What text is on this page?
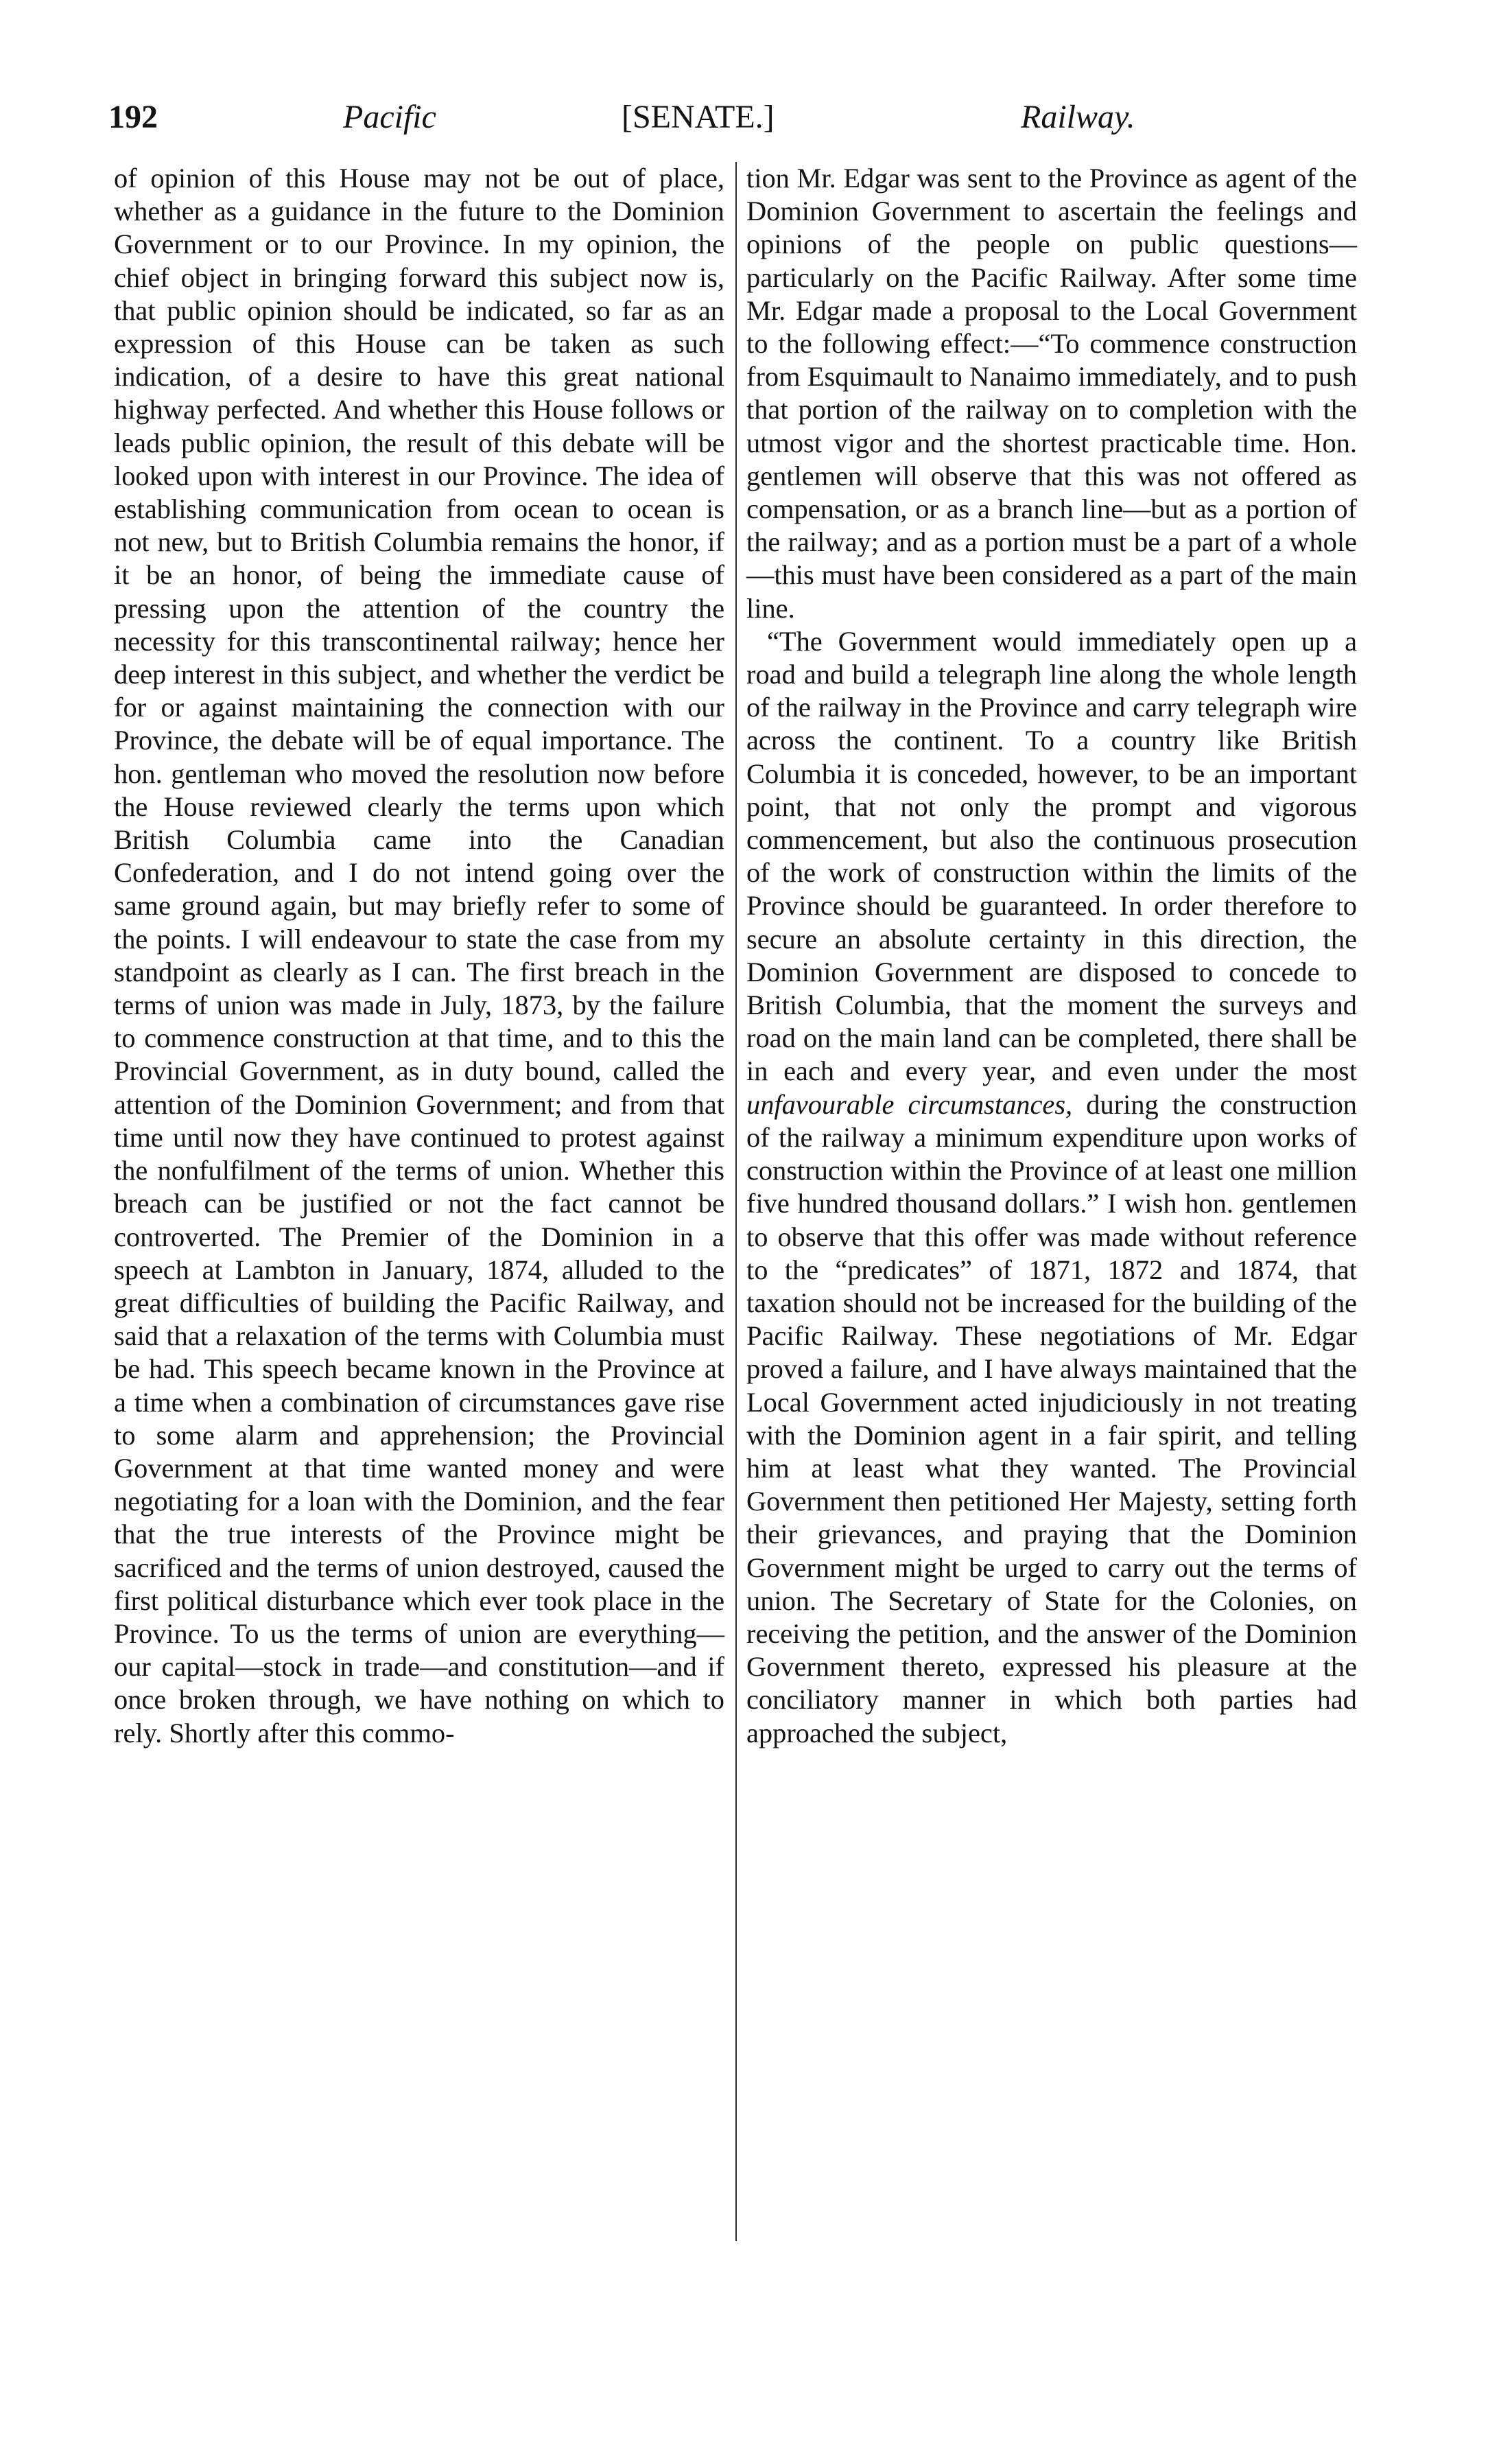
192	Pacific	[SENATE.]	Railway.

of opinion of this House may not be out of place, whether as a guidance in the future to the Dominion Government or to our Province. In my opinion, the chief object in bringing forward this subject now is, that public opinion should be indicated, so far as an expression of this House can be taken as such indication, of a desire to have this great national highway perfected. And whether this House follows or leads public opinion, the result of this debate will be looked upon with interest in our Province. The idea of establishing communication from ocean to ocean is not new, but to British Columbia remains the honor, if it be an honor, of being the immediate cause of pressing upon the attention of the country the necessity for this transcontinental railway; hence her deep interest in this subject, and whether the verdict be for or against maintaining the connection with our Province, the debate will be of equal importance. The hon. gentleman who moved the resolution now before the House reviewed clearly the terms upon which British Columbia came into the Canadian Confederation, and I do not intend going over the same ground again, but may briefly refer to some of the points. I will endeavour to state the case from my standpoint as clearly as I can. The first breach in the terms of union was made in July, 1873, by the failure to commence construction at that time, and to this the Provincial Government, as in duty bound, called the attention of the Dominion Government; and from that time until now they have continued to protest against the nonfulfilment of the terms of union. Whether this breach can be justified or not the fact cannot be controverted. The Premier of the Dominion in a speech at Lambton in January, 1874, alluded to the great difficulties of building the Pacific Railway, and said that a relaxation of the terms with Columbia must be had. This speech became known in the Province at a time when a combination of circumstances gave rise to some alarm and apprehension; the Provincial Government at that time wanted money and were negotiating for a loan with the Dominion, and the fear that the true interests of the Province might be sacrificed and the terms of union destroyed, caused the first political disturbance which ever took place in the Province. To us the terms of union are everything—our capital—stock in trade—and constitution—and if once broken through, we have nothing on which to rely. Shortly after this commo-

tion Mr. Edgar was sent to the Province as agent of the Dominion Government to ascertain the feelings and opinions of the people on public questions—particularly on the Pacific Railway. After some time Mr. Edgar made a proposal to the Local Government to the following effect:—“To commence construction from Esquimault to Nanaimo immediately, and to push that portion of the railway on to completion with the utmost vigor and the shortest practicable time. Hon. gentlemen will observe that this was not offered as compensation, or as a branch line—but as a portion of the railway; and as a portion must be a part of a whole—this must have been considered as a part of the main line.

“The Government would immediately open up a road and build a telegraph line along the whole length of the railway in the Province and carry telegraph wire across the continent. To a country like British Columbia it is conceded, however, to be an important point, that not only the prompt and vigorous commencement, but also the continuous prosecution of the work of construction within the limits of the Province should be guaranteed. In order therefore to secure an absolute certainty in this direction, the Dominion Government are disposed to concede to British Columbia, that the moment the surveys and road on the main land can be completed, there shall be in each and every year, and even under the most unfavourable circumstances, during the construction of the railway a minimum expenditure upon works of construction within the Province of at least one million five hundred thousand dollars.” I wish hon. gentlemen to observe that this offer was made without reference to the “predicates” of 1871, 1872 and 1874, that taxation should not be increased for the building of the Pacific Railway. These negotiations of Mr. Edgar proved a failure, and I have always maintained that the Local Government acted injudiciously in not treating with the Dominion agent in a fair spirit, and telling him at least what they wanted. The Provincial Government then petitioned Her Majesty, setting forth their grievances, and praying that the Dominion Government might be urged to carry out the terms of union. The Secretary of State for the Colonies, on receiving the petition, and the answer of the Dominion Government thereto, expressed his pleasure at the conciliatory manner in which both parties had approached the subject,
